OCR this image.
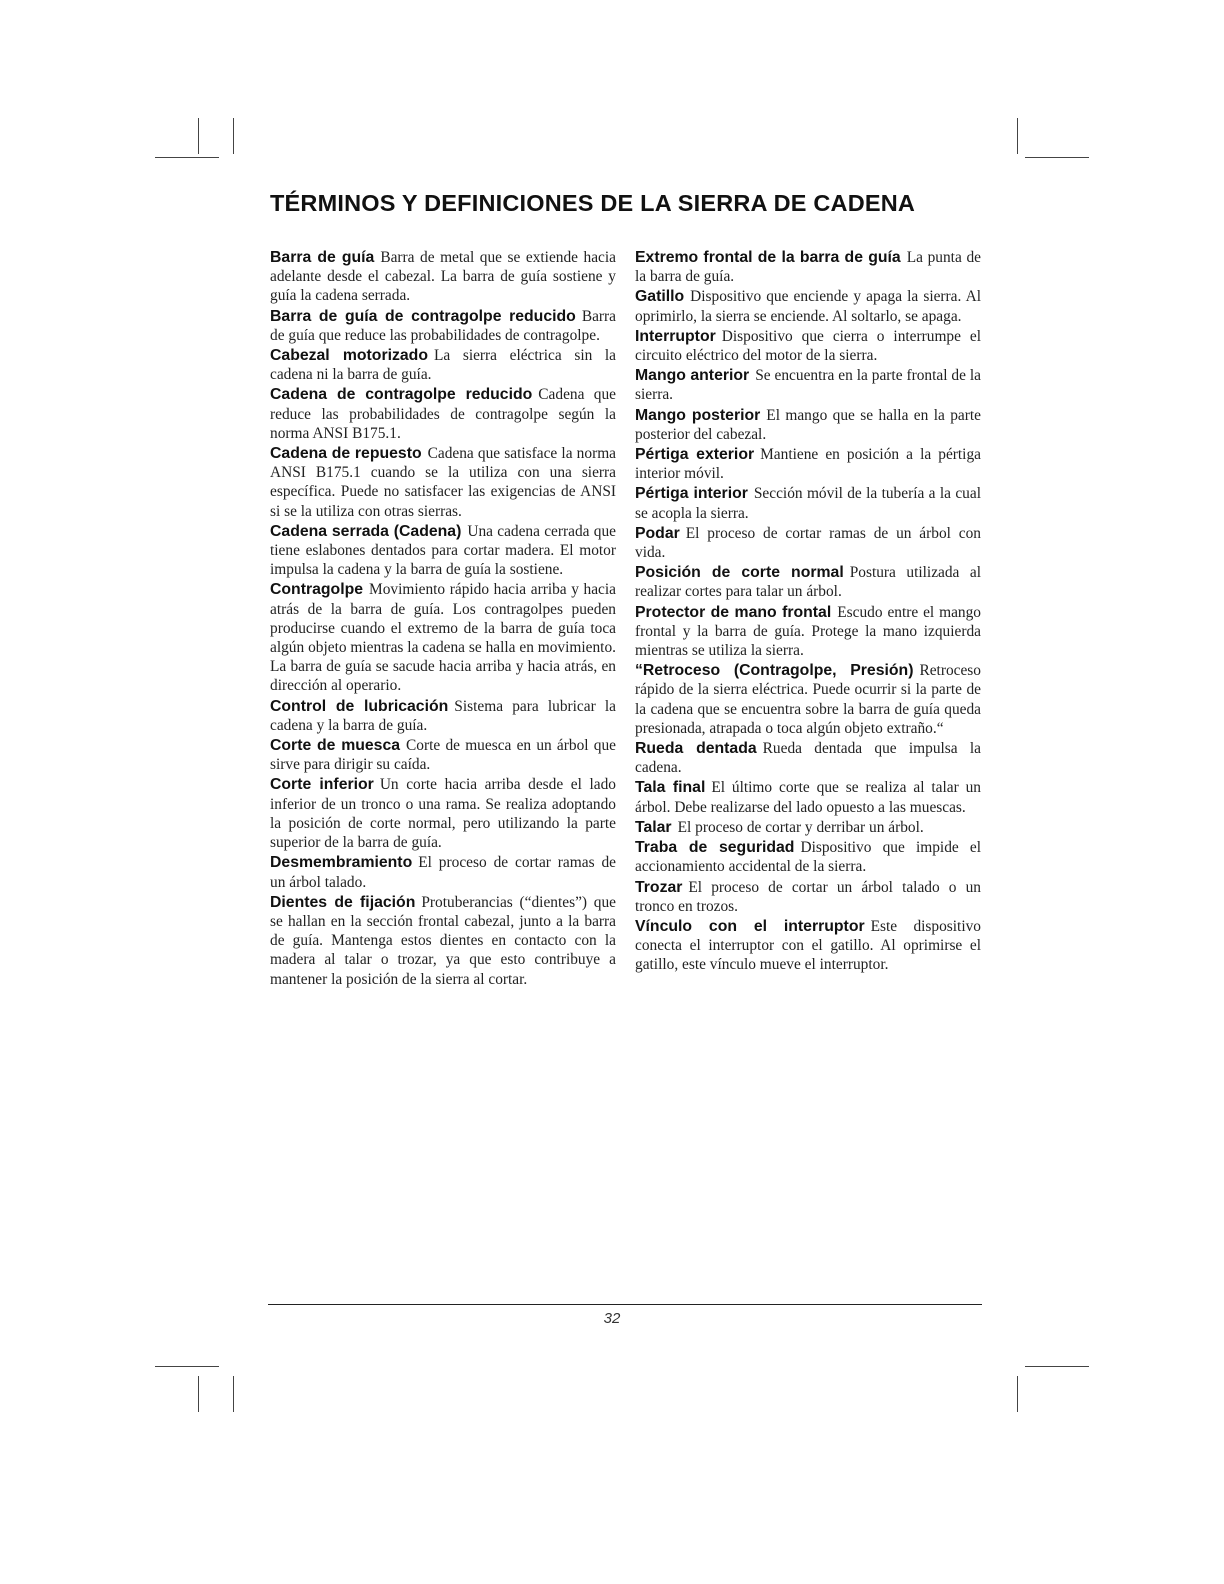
TÉRMINOS Y DEFINICIONES DE LA SIERRA DE CADENA

Barra de guía Barra de metal que se extiende hacia adelante desde el cabezal. La barra de guía sostiene y guía la cadena serrada.

Barra de guía de contragolpe reducido Barra de guía que reduce las probabilidades de contragolpe.

Cabezal motorizado La sierra eléctrica sin la cadena ni la barra de guía.

Cadena de contragolpe reducido Cadena que reduce las probabilidades de contragolpe según la norma ANSI B175.1.

Cadena de repuesto Cadena que satisface la norma ANSI B175.1 cuando se la utiliza con una sierra específica. Puede no satisfacer las exigencias de ANSI si se la utiliza con otras sierras.

Cadena serrada (Cadena) Una cadena cerrada que tiene eslabones dentados para cortar madera. El motor impulsa la cadena y la barra de guía la sostiene.

Contragolpe Movimiento rápido hacia arriba y hacia atrás de la barra de guía. Los contragolpes pueden producirse cuando el extremo de la barra de guía toca algún objeto mientras la cadena se halla en movimiento. La barra de guía se sacude hacia arriba y hacia atrás, en dirección al operario.

Control de lubricación Sistema para lubricar la cadena y la barra de guía.

Corte de muesca Corte de muesca en un árbol que sirve para dirigir su caída.

Corte inferior Un corte hacia arriba desde el lado inferior de un tronco o una rama. Se realiza adoptando la posición de corte normal, pero utilizando la parte superior de la barra de guía.

Desmembramiento El proceso de cortar ramas de un árbol talado.

Dientes de fijación Protuberancias (“dientes”) que se hallan en la sección frontal cabezal, junto a la barra de guía. Mantenga estos dientes en contacto con la madera al talar o trozar, ya que esto contribuye a mantener la posición de la sierra al cortar.

Extremo frontal de la barra de guía La punta de la barra de guía.

Gatillo Dispositivo que enciende y apaga la sierra. Al oprimirlo, la sierra se enciende. Al soltarlo, se apaga.

Interruptor Dispositivo que cierra o interrumpe el circuito eléctrico del motor de la sierra.

Mango anterior Se encuentra en la parte frontal de la sierra.

Mango posterior El mango que se halla en la parte posterior del cabezal.

Pértiga exterior Mantiene en posición a la pértiga interior móvil.

Pértiga interior Sección móvil de la tubería a la cual se acopla la sierra.

Podar El proceso de cortar ramas de un árbol con vida.

Posición de corte normal Postura utilizada al realizar cortes para talar un árbol.

Protector de mano frontal Escudo entre el mango frontal y la barra de guía. Protege la mano izquierda mientras se utiliza la sierra.

“Retroceso (Contragolpe, Presión) Retroceso rápido de la sierra eléctrica. Puede ocurrir si la parte de la cadena que se encuentra sobre la barra de guía queda presionada, atrapada o toca algún objeto extraño.“

Rueda dentada Rueda dentada que impulsa la cadena.

Tala final El último corte que se realiza al talar un árbol. Debe realizarse del lado opuesto a las muescas.

Talar El proceso de cortar y derribar un árbol.

Traba de seguridad Dispositivo que impide el accionamiento accidental de la sierra.

Trozar El proceso de cortar un árbol talado o un tronco en trozos.

Vínculo con el interruptor Este dispositivo conecta el interruptor con el gatillo. Al oprimirse el gatillo, este vínculo mueve el interruptor.

32
